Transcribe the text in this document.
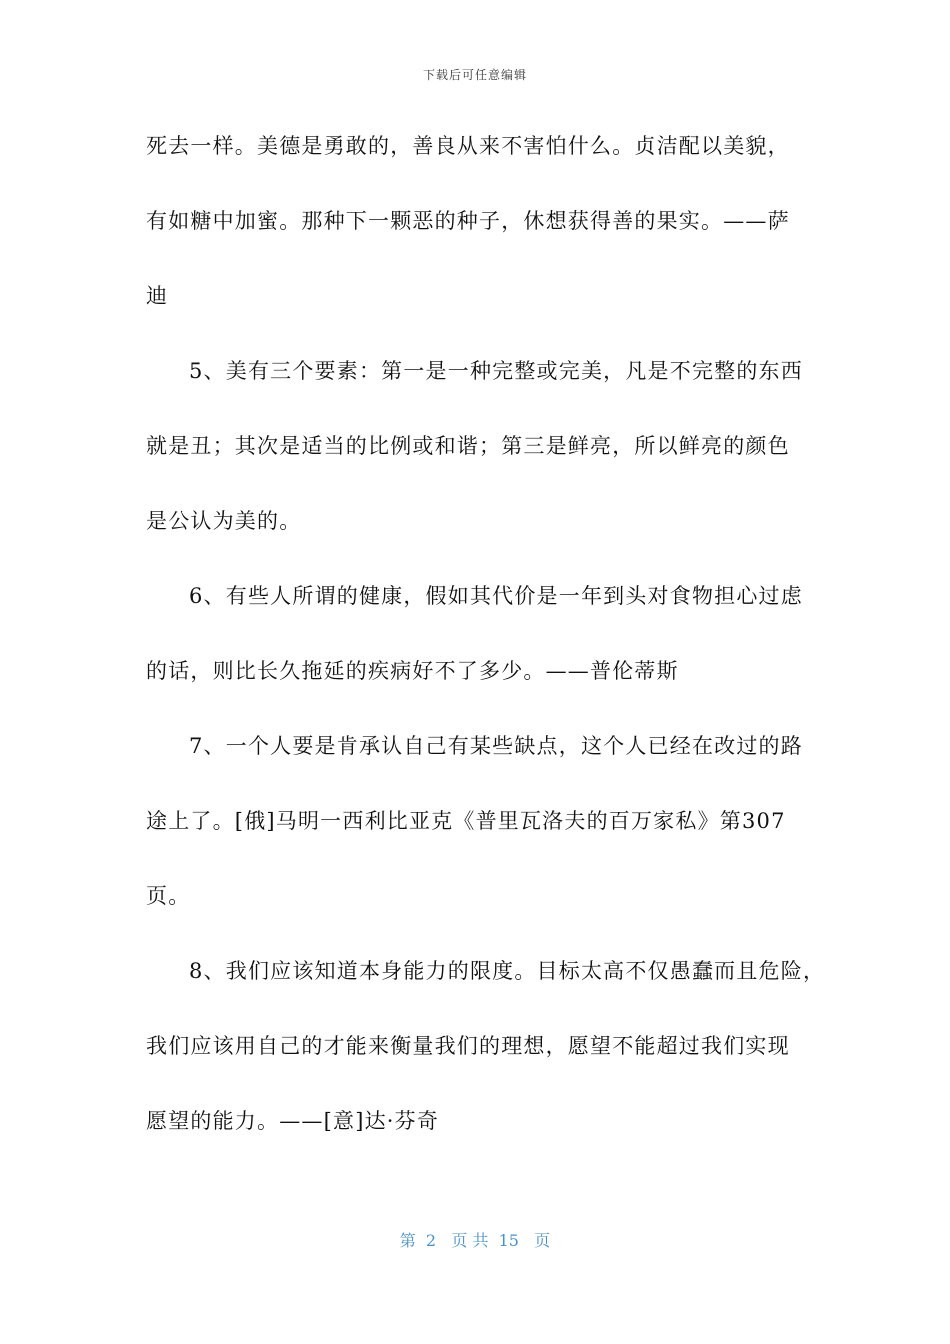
下载后可任意编辑
死去一样。美德是勇敢的，善良从来不害怕什么。贞洁配以美貌，
有如糖中加蜜。那种下一颗恶的种子，休想获得善的果实。——萨
迪
5、美有三个要素：第一是一种完整或完美，凡是不完整的东西
就是丑；其次是适当的比例或和谐；第三是鲜亮，所以鲜亮的颜色
是公认为美的。
6、有些人所谓的健康，假如其代价是一年到头对食物担心过虑
的话，则比长久拖延的疾病好不了多少。——普伦蒂斯
7、一个人要是肯承认自己有某些缺点，这个人已经在改过的路
途上了。[俄]马明一西利比亚克《普里瓦洛夫的百万家私》第307
页。
8、我们应该知道本身能力的限度。目标太高不仅愚蠢而且危险，
我们应该用自己的才能来衡量我们的理想，愿望不能超过我们实现
愿望的能力。——[意]达·芬奇
第  2   页 共  15   页
